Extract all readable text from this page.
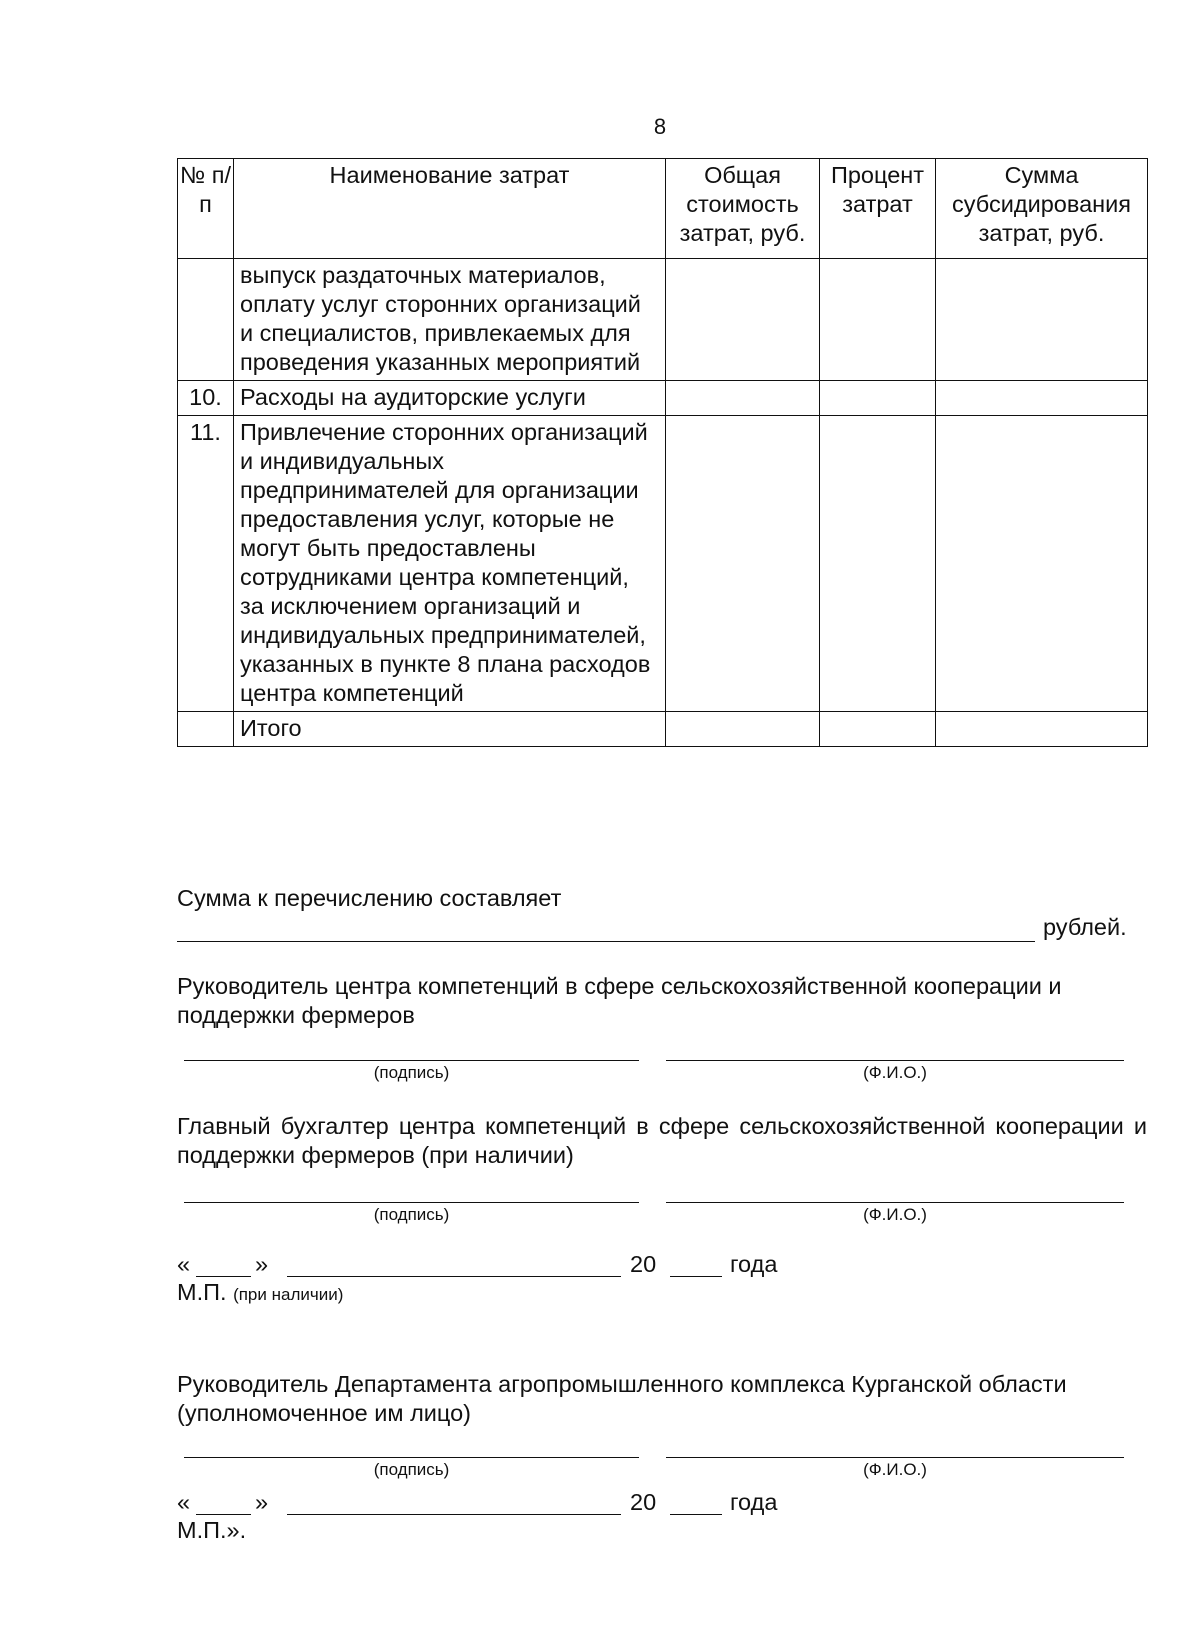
8
№ п/п	Наименование затрат	Общая стоимость затрат, руб.	Процент затрат	Сумма субсидирования затрат, руб.
	выпуск раздаточных материалов, оплату услуг сторонних организаций и специалистов, привлекаемых для проведения указанных мероприятий			
10.	Расходы на аудиторские услуги			
11.	Привлечение сторонних организаций и индивидуальных предпринимателей для организации предоставления услуг, которые не могут быть предоставлены сотрудниками центра компетенций, за исключением организаций и индивидуальных предпринимателей, указанных в пункте 8 плана расходов центра компетенций			
	Итого			
Сумма к перечислению составляет
рублей.
Руководитель центра компетенций в сфере сельскохозяйственной кооперации и поддержки фермеров
(подпись)	(Ф.И.О.)
Главный бухгалтер центра компетенций в сфере сельскохозяйственной кооперации и
поддержки фермеров (при наличии)
(подпись)	(Ф.И.О.)
«	»	20	года
М.П. (при наличии)
Руководитель Департамента агропромышленного комплекса Курганской области (уполномоченное им лицо)
(подпись)	(Ф.И.О.)
«	»	20	года
М.П.».
